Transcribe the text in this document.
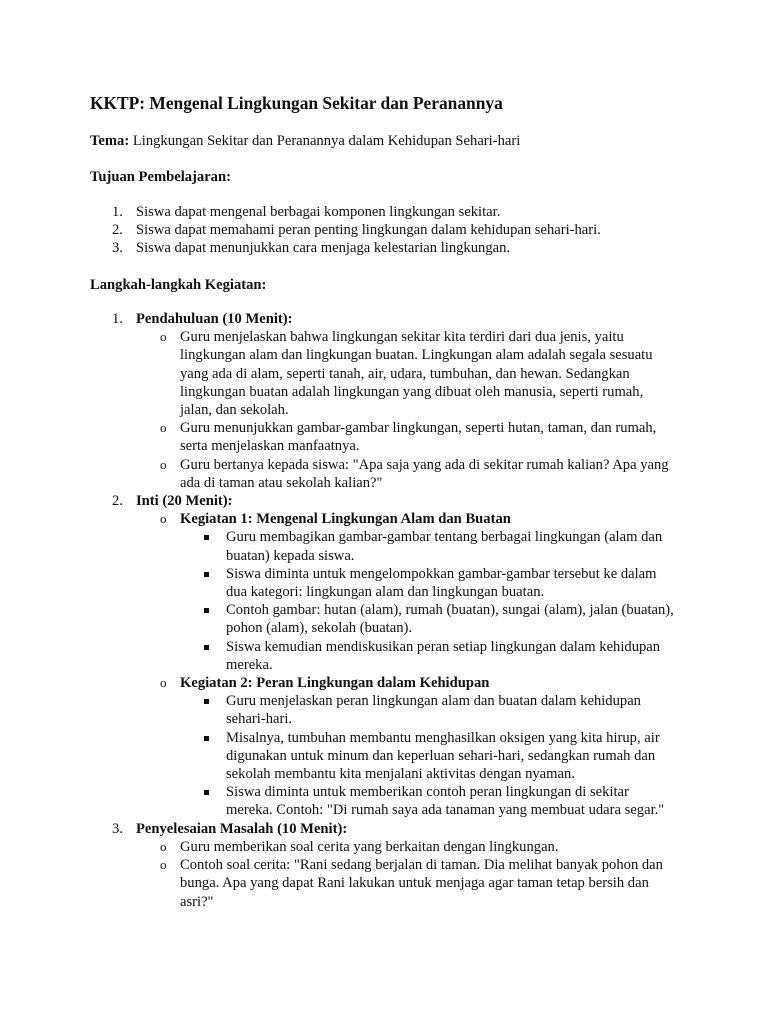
KKTP: Mengenal Lingkungan Sekitar dan Peranannya

Tema: Lingkungan Sekitar dan Peranannya dalam Kehidupan Sehari-hari

Tujuan Pembelajaran:

1. Siswa dapat mengenal berbagai komponen lingkungan sekitar.
2. Siswa dapat memahami peran penting lingkungan dalam kehidupan sehari-hari.
3. Siswa dapat menunjukkan cara menjaga kelestarian lingkungan.

Langkah-langkah Kegiatan:

1. Pendahuluan (10 Menit):
o Guru menjelaskan bahwa lingkungan sekitar kita terdiri dari dua jenis, yaitu lingkungan alam dan lingkungan buatan. Lingkungan alam adalah segala sesuatu yang ada di alam, seperti tanah, air, udara, tumbuhan, dan hewan. Sedangkan lingkungan buatan adalah lingkungan yang dibuat oleh manusia, seperti rumah, jalan, dan sekolah.
o Guru menunjukkan gambar-gambar lingkungan, seperti hutan, taman, dan rumah, serta menjelaskan manfaatnya.
o Guru bertanya kepada siswa: "Apa saja yang ada di sekitar rumah kalian? Apa yang ada di taman atau sekolah kalian?"
2. Inti (20 Menit):
o Kegiatan 1: Mengenal Lingkungan Alam dan Buatan
Guru membagikan gambar-gambar tentang berbagai lingkungan (alam dan buatan) kepada siswa.
Siswa diminta untuk mengelompokkan gambar-gambar tersebut ke dalam dua kategori: lingkungan alam dan lingkungan buatan.
Contoh gambar: hutan (alam), rumah (buatan), sungai (alam), jalan (buatan), pohon (alam), sekolah (buatan).
Siswa kemudian mendiskusikan peran setiap lingkungan dalam kehidupan mereka.
o Kegiatan 2: Peran Lingkungan dalam Kehidupan
Guru menjelaskan peran lingkungan alam dan buatan dalam kehidupan sehari-hari.
Misalnya, tumbuhan membantu menghasilkan oksigen yang kita hirup, air digunakan untuk minum dan keperluan sehari-hari, sedangkan rumah dan sekolah membantu kita menjalani aktivitas dengan nyaman.
Siswa diminta untuk memberikan contoh peran lingkungan di sekitar mereka. Contoh: "Di rumah saya ada tanaman yang membuat udara segar."
3. Penyelesaian Masalah (10 Menit):
o Guru memberikan soal cerita yang berkaitan dengan lingkungan.
o Contoh soal cerita: "Rani sedang berjalan di taman. Dia melihat banyak pohon dan bunga. Apa yang dapat Rani lakukan untuk menjaga agar taman tetap bersih dan asri?"
